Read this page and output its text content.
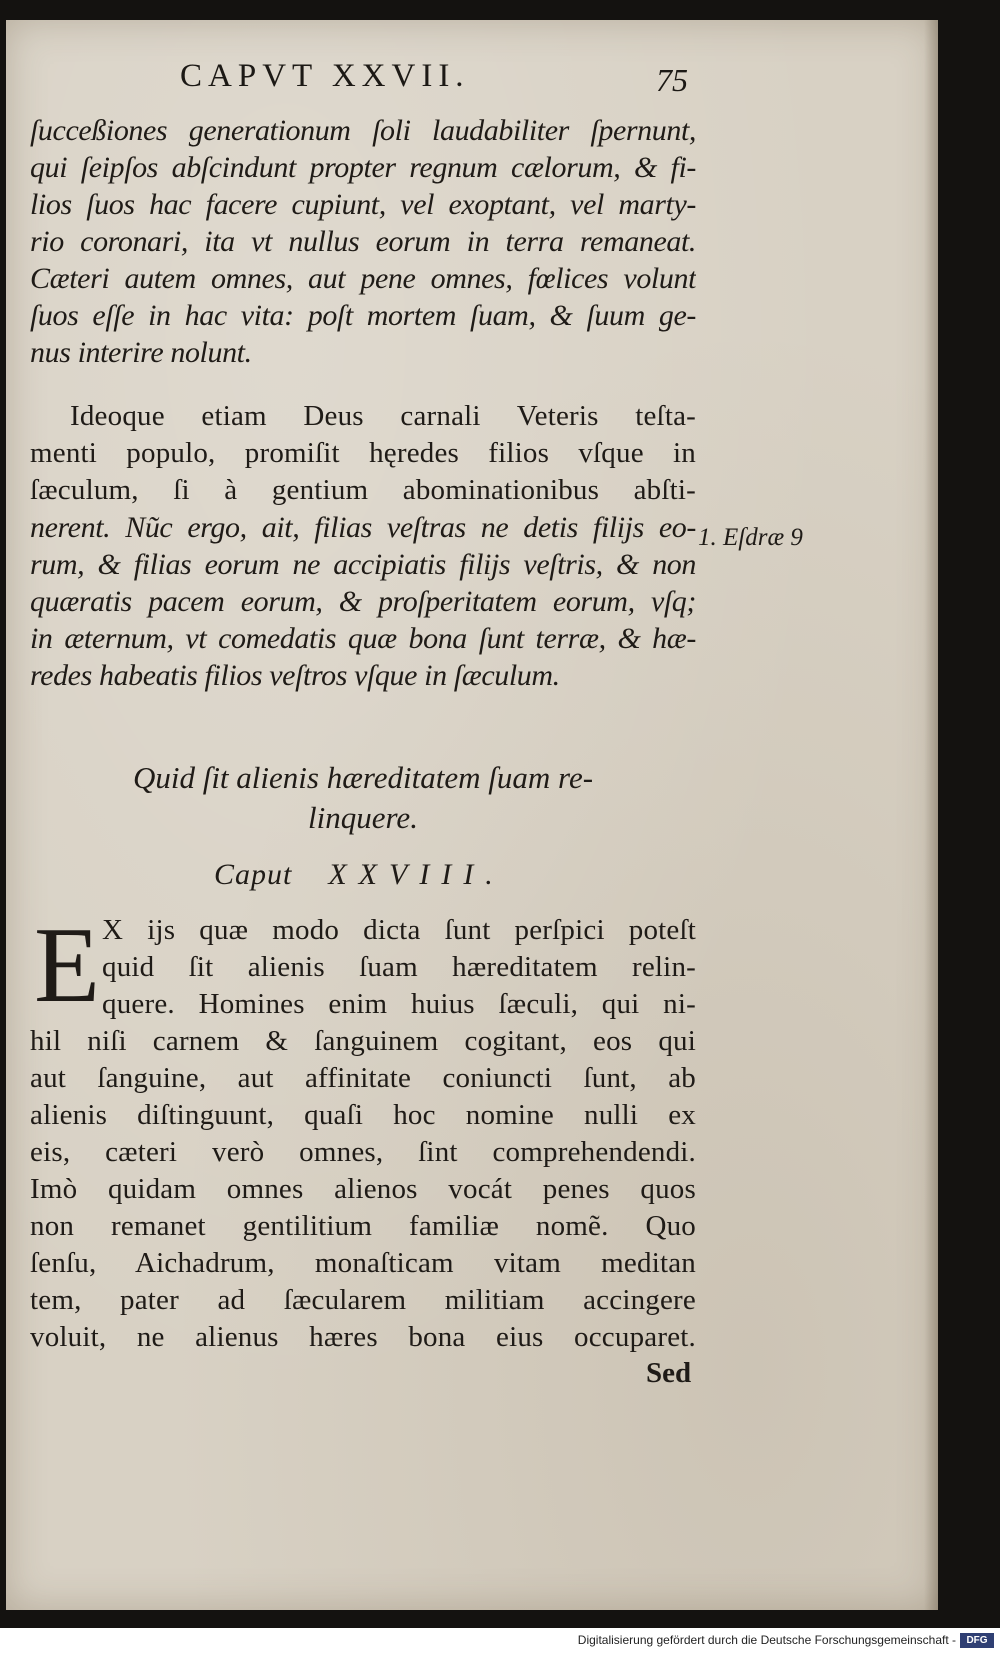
CAPVT XXVII.	75
ſucceßiones generationum ſoli laudabiliter ſpernunt,
qui ſeipſos abſcindunt propter regnum cælorum, & fi-
lios ſuos hac facere cupiunt, vel exoptant, vel marty-
rio coronari, ita vt nullus eorum in terra remaneat.
Cæteri autem omnes, aut pene omnes, fœlices volunt
ſuos eſſe in hac vita: poſt mortem ſuam, & ſuum ge-
nus interire nolunt.
Ideoque etiam Deus carnali Veteris teſta-
menti populo, promiſit hęredes filios vſque in
ſæculum, ſi à gentium abominationibus abſti-
nerent. Nũc ergo, ait, filias veſtras ne detis filijs eo-
rum, & filias eorum ne accipiatis filijs veſtris, & non
quæratis pacem eorum, & proſperitatem eorum, vſq;
in æternum, vt comedatis quæ bona ſunt terræ, & hæ-
redes habeatis filios veſtros vſque in ſæculum.
1. Eſdræ 9
Quid ſit alienis hæreditatem ſuam re-
linquere.
Caput XXVIII.
E X ijs quæ modo dicta ſunt perſpici poteſt
quid ſit alienis ſuam hæreditatem relin-
quere. Homines enim huius ſæculi, qui ni-
hil niſi carnem & ſanguinem cogitant, eos qui
aut ſanguine, aut affinitate coniuncti ſunt, ab
alienis diſtinguunt, quaſi hoc nomine nulli ex
eis, cæteri verò omnes, ſint comprehendendi.
Imò quidam omnes alienos vocát penes quos
non remanet gentilitium familiæ nomẽ. Quo
ſenſu, Aichadrum, monaſticam vitam meditan
tem, pater ad ſæcularem militiam accingere
voluit, ne alienus hæres bona eius occuparet.
Sed
Digitalisierung gefördert durch die Deutsche Forschungsgemeinschaft -	DFG
